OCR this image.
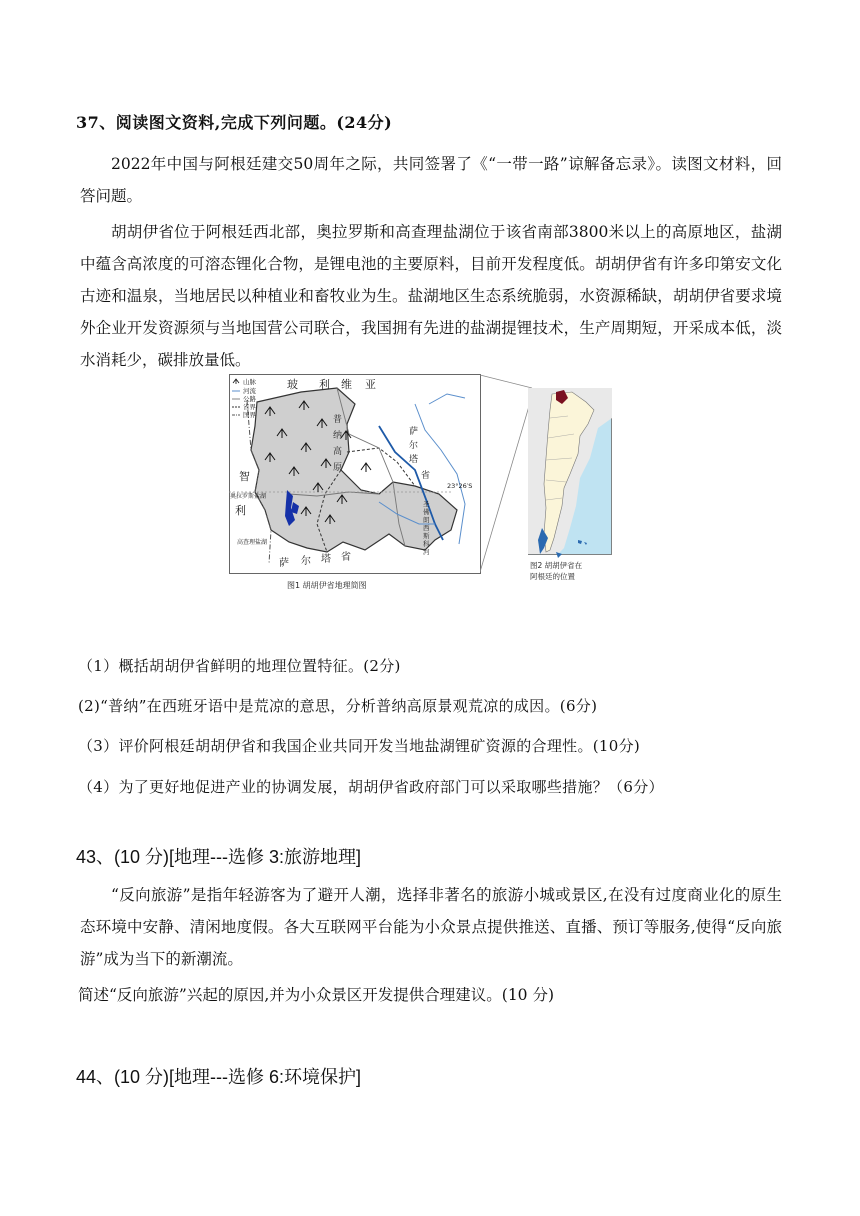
37、阅读图文资料,完成下列问题。(24分)
2022年中国与阿根廷建交50周年之际，共同签署了《“一带一路”谅解备忘录》。读图文材料，回答问题。
胡胡伊省位于阿根廷西北部，奥拉罗斯和高查理盐湖位于该省南部3800米以上的高原地区，盐湖中蕴含高浓度的可溶态锂化合物，是锂电池的主要原料，目前开发程度低。胡胡伊省有许多印第安文化古迹和温泉，当地居民以种植业和畜牧业为生。盐湖地区生态系统脆弱，水资源稀缺，胡胡伊省要求境外企业开发资源须与当地国营公司联合，我国拥有先进的盐湖提锂技术，生产周期短，开采成本低，淡水消耗少，碳排放量低。
山脉
河流
公路
省界
国界
玻 利 维 亚
智
利
普
纳
高
原
萨
尔
塔
省
萨 尔 塔 省
奥拉罗斯盐湖
高查理盐湖
23°26′S
圣
佛
朗
西
斯
科
河
图1 胡胡伊省地理简图
图2 胡胡伊省在
阿根廷的位置
（1）概括胡胡伊省鲜明的地理位置特征。(2分)
(2)“普纳”在西班牙语中是荒凉的意思，分析普纳高原景观荒凉的成因。(6分)
（3）评价阿根廷胡胡伊省和我国企业共同开发当地盐湖锂矿资源的合理性。(10分)
（4）为了更好地促进产业的协调发展，胡胡伊省政府部门可以采取哪些措施？（6分）
43、(10 分)[地理---选修 3:旅游地理]
“反向旅游”是指年轻游客为了避开人潮，选择非著名的旅游小城或景区,在没有过度商业化的原生态环境中安静、清闲地度假。各大互联网平台能为小众景点提供推送、直播、预订等服务,使得“反向旅游”成为当下的新潮流。
简述“反向旅游”兴起的原因,并为小众景区开发提供合理建议。(10 分)
44、(10 分)[地理---选修 6:环境保护]
